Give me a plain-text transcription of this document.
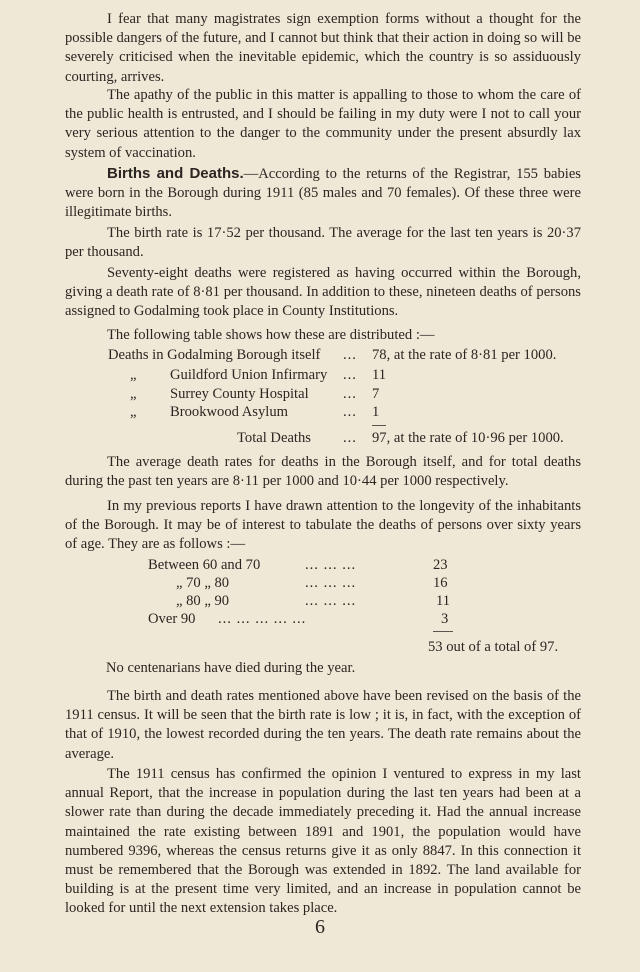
I fear that many magistrates sign exemption forms without a thought for the possible dangers of the future, and I cannot but think that their action in doing so will be severely criticised when the inevitable epidemic, which the country is so assiduously courting, arrives.

The apathy of the public in this matter is appalling to those to whom the care of the public health is entrusted, and I should be failing in my duty were I not to call your very serious attention to the danger to the community under the present absurdly lax system of vaccination.

Births and Deaths.—According to the returns of the Registrar, 155 babies were born in the Borough during 1911 (85 males and 70 females). Of these three were illegitimate births.

The birth rate is 17·52 per thousand. The average for the last ten years is 20·37 per thousand.

Seventy-eight deaths were registered as having occurred within the Borough, giving a death rate of 8·81 per thousand. In addition to these, nineteen deaths of persons assigned to Godalming took place in County Institutions.

The following table shows how these are distributed :—

Deaths in Godalming Borough itself ... 78, at the rate of 8·81 per 1000.
„ Guildford Union Infirmary ... 11
„ Surrey County Hospital ... 7
„ Brookwood Asylum	... 1
Total Deaths ... 97, at the rate of 10·96 per 1000.

The average death rates for deaths in the Borough itself, and for total deaths during the past ten years are 8·11 per 1000 and 10·44 per 1000 respectively.

In my previous reports I have drawn attention to the longevity of the inhabitants of the Borough. It may be of interest to tabulate the deaths of persons over sixty years of age. They are as follows :—

Between 60 and 70	... ... ...	23
„ 70 „ 80	... ... ...	16
„ 80 „ 90	... ... ...	11
Over 90 ... ... ... ... ...	3
53 out of a total of 97.
No centenarians have died during the year.

The birth and death rates mentioned above have been revised on the basis of the 1911 census. It will be seen that the birth rate is low ; it is, in fact, with the exception of that of 1910, the lowest recorded during the ten years. The death rate remains about the average.

The 1911 census has confirmed the opinion I ventured to express in my last annual Report, that the increase in population during the last ten years had been at a slower rate than during the decade immediately preceding it. Had the annual increase maintained the rate existing between 1891 and 1901, the population would have numbered 9396, whereas the census returns give it as only 8847. In this connection it must be remembered that the Borough was extended in 1892. The land available for building is at the present time very limited, and an increase in population cannot be looked for until the next extension takes place.

6
